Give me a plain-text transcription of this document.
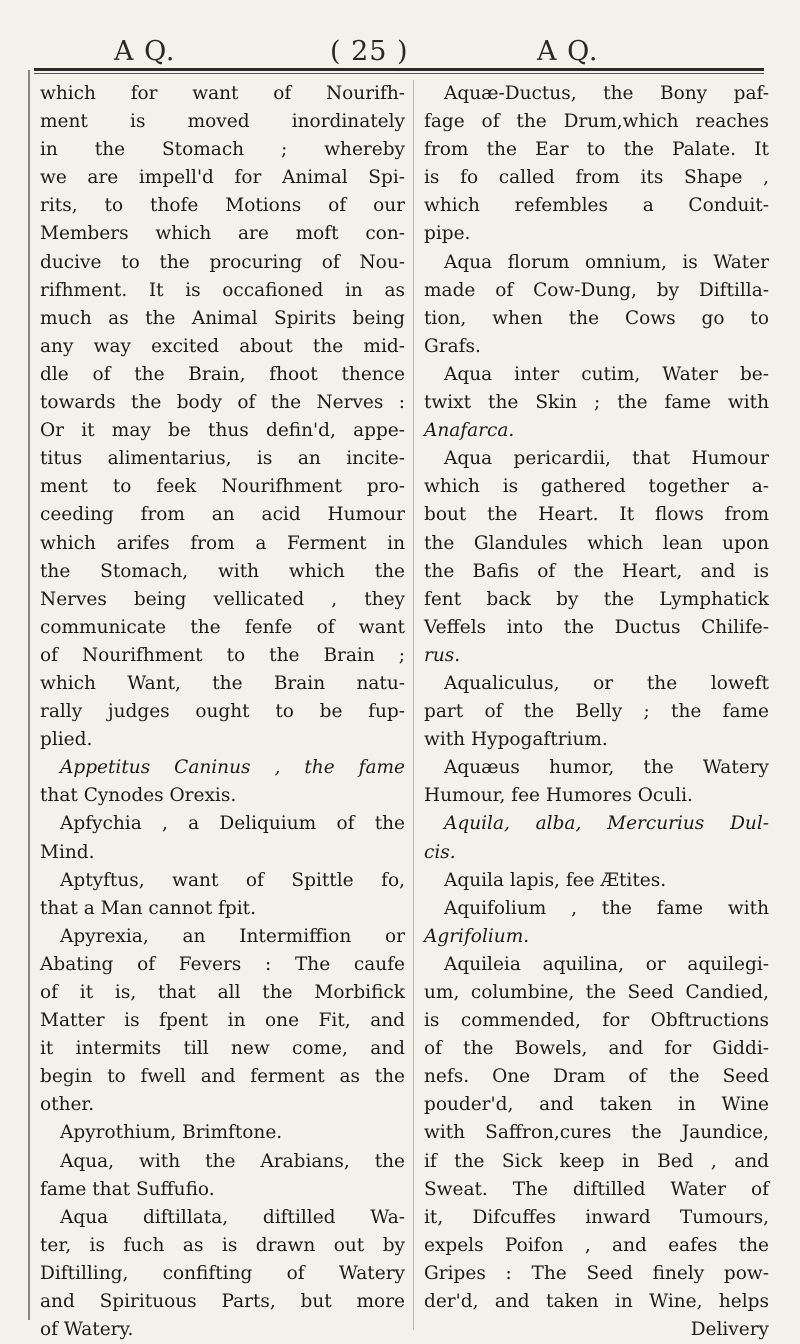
A Q.	( 25 )	A Q.
which for want of Nourifh-
ment is moved inordinately
in the Stomach ; whereby
we are impell'd for Animal Spi-
rits, to thofe Motions of our
Members which are moft con-
ducive to the procuring of Nou-
rifhment. It is occafioned in as
much as the Animal Spirits being
any way excited about the mid-
dle of the Brain, fhoot thence
towards the body of the Nerves :
Or it may be thus defin'd, appe-
titus alimentarius, is an incite-
ment to feek Nourifhment pro-
ceeding from an acid Humour
which arifes from a Ferment in
the Stomach, with which the
Nerves being vellicated , they
communicate the fenfe of want
of Nourifhment to the Brain ;
which Want, the Brain natu-
rally judges ought to be fup-
plied.
Appetitus Caninus , the fame
that Cynodes Orexis.
Apfychia , a Deliquium of the
Mind.
Aptyftus, want of Spittle fo,
that a Man cannot fpit.
Apyrexia, an Intermiffion or
Abating of Fevers : The caufe
of it is, that all the Morbifick
Matter is fpent in one Fit, and
it intermits till new come, and
begin to fwell and ferment as the
other.
Apyrothium, Brimftone.
Aqua, with the Arabians, the
fame that Suffufio.
Aqua diftillata, diftilled Wa-
ter, is fuch as is drawn out by
Diftilling, confifting of Watery
and Spirituous Parts, but more
of Watery.
Aquæ-Ductus, the Bony paf-
fage of the Drum,which reaches
from the Ear to the Palate. It
is fo called from its Shape ,
which refembles a Conduit-
pipe.
Aqua florum omnium, is Water
made of Cow-Dung, by Diftilla-
tion, when the Cows go to
Grafs.
Aqua inter cutim, Water be-
twixt the Skin ; the fame with
Anafarca.
Aqua pericardii, that Humour
which is gathered together a-
bout the Heart. It flows from
the Glandules which lean upon
the Bafis of the Heart, and is
fent back by the Lymphatick
Veffels into the Ductus Chilife-
rus.
Aqualiculus, or the loweft
part of the Belly ; the fame
with Hypogaftrium.
Aquæus humor, the Watery
Humour, fee Humores Oculi.
Aquila, alba, Mercurius Dul-
cis.
Aquila lapis, fee Ætites.
Aquifolium , the fame with
Agrifolium.
Aquileia aquilina, or aquilegi-
um, columbine, the Seed Candied,
is commended, for Obftructions
of the Bowels, and for Giddi-
nefs. One Dram of the Seed
pouder'd, and taken in Wine
with Saffron,cures the Jaundice,
if the Sick keep in Bed , and
Sweat. The diftilled Water of
it, Difcuffes inward Tumours,
expels Poifon , and eafes the
Gripes : The Seed finely pow-
der'd, and taken in Wine, helps
Delivery
